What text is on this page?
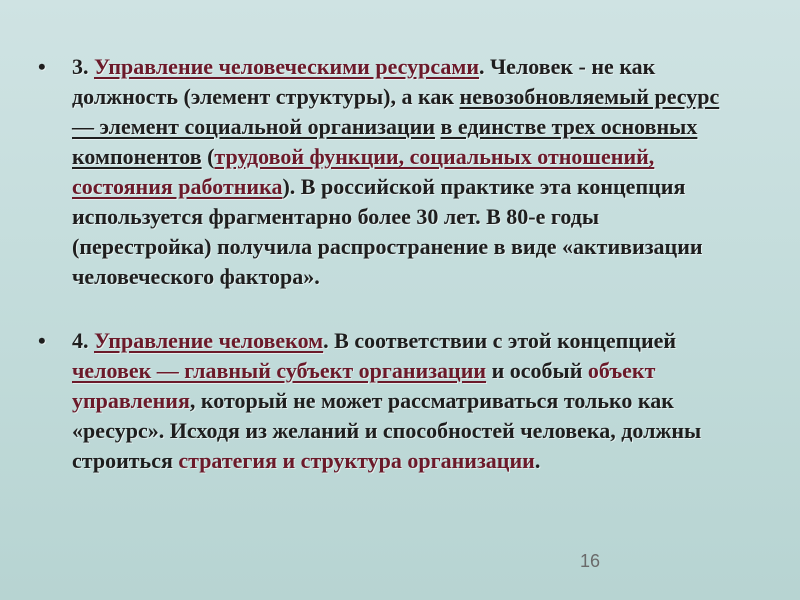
•	3. Управление человеческими ресурсами. Человек - не как должность (элемент структуры), а как невозобновляемый ресурс — элемент социальной организации в единстве трех основных компонентов (трудовой функции, социальных отношений, состояния работника). В российской практике эта концепция используется фрагментарно более 30 лет. В 80-е годы (перестройка) получила распространение в виде «активизации человеческого фактора».
•	4. Управление человеком. В соответствии с этой концепцией человек — главный субъект организации и особый объект управления, который не может рассматриваться только как «ресурс». Исходя из желаний и способностей человека, должны строиться стратегия и структура организации.
16
